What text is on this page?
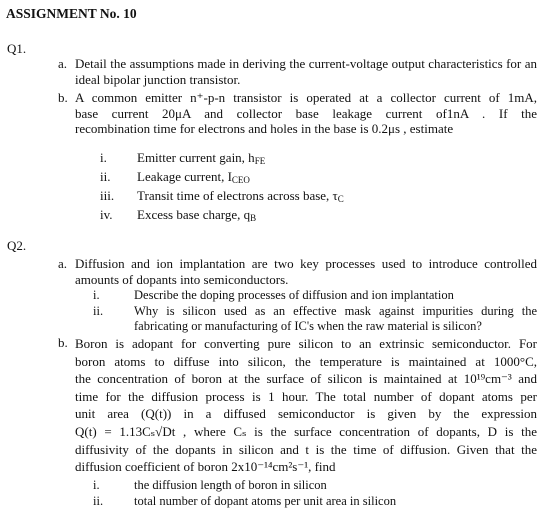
ASSIGNMENT No. 10
Q1.
a. Detail the assumptions made in deriving the current-voltage output characteristics for an ideal bipolar junction transistor.
b. A common emitter n⁺-p-n transistor is operated at a collector current of 1mA,
base current 20μA and collector base leakage current of1nA . If the
recombination time for electrons and holes in the base is 0.2μs , estimate
i. Emitter current gain, hFE
ii. Leakage current, ICEO
iii. Transit time of electrons across base, τC
iv. Excess base charge, qB
Q2.
a. Diffusion and ion implantation are two key processes used to introduce controlled amounts of dopants into semiconductors.
i.	Describe the doping processes of diffusion and ion implantation
ii. Why is silicon used as an effective mask against impurities during the fabricating or manufacturing of IC's when the raw material is silicon?
b. Boron is adopant for converting pure silicon to an extrinsic semiconductor. For
boron atoms to diffuse into silicon, the temperature is maintained at 1000°C,
the concentration of boron at the surface of silicon is maintained at 10¹⁹cm⁻³ and
time for the diffusion process is 1 hour. The total number of dopant atoms per
unit area (Q(t)) in a diffused semiconductor is given by the expression
Q(t) = 1.13Cₛ√Dt , where Cₛ is the surface concentration of dopants, D is the
diffusivity of the dopants in silicon and t is the time of diffusion. Given that the
diffusion coefficient of boron 2x10⁻¹⁴cm²s⁻¹, find
i.	the diffusion length of boron in silicon
ii. total number of dopant atoms per unit area in silicon
